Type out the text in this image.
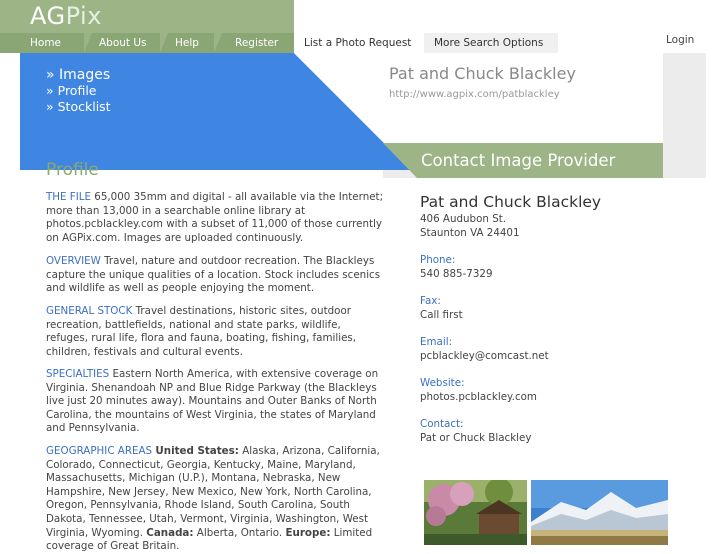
AGPix
Home	About Us	Help	Register List a Photo Request More Search Options	Login
» Images
» Profile
» Stocklist
Pat and Chuck Blackley
http://www.agpix.com/patblackley
Contact Image Provider
Profile
THE FILE 65,000 35mm and digital - all available via the Internet; more than 13,000 in a searchable online library at photos.pcblackley.com with a subset of 11,000 of those currently on AGPix.com. Images are uploaded continuously.
OVERVIEW Travel, nature and outdoor recreation. The Blackleys capture the unique qualities of a location. Stock includes scenics and wildlife as well as people enjoying the moment.
GENERAL STOCK Travel destinations, historic sites, outdoor recreation, battlefields, national and state parks, wildlife, refuges, rural life, flora and fauna, boating, fishing, families, children, festivals and cultural events.
SPECIALTIES Eastern North America, with extensive coverage on Virginia. Shenandoah NP and Blue Ridge Parkway (the Blackleys live just 20 minutes away). Mountains and Outer Banks of North Carolina, the mountains of West Virginia, the states of Maryland and Pennsylvania.
GEOGRAPHIC AREAS United States: Alaska, Arizona, California, Colorado, Connecticut, Georgia, Kentucky, Maine, Maryland, Massachusetts, Michigan (U.P.), Montana, Nebraska, New Hampshire, New Jersey, New Mexico, New York, North Carolina, Oregon, Pennsylvania, Rhode Island, South Carolina, South Dakota, Tennessee, Utah, Vermont, Virginia, Washington, West Virginia, Wyoming. Canada: Alberta, Ontario. Europe: Limited coverage of Great Britain.
Pat and Chuck Blackley
406 Audubon St.
Staunton VA 24401
Phone:
540 885-7329
Fax:
Call first
Email:
pcblackley@comcast.net
Website:
photos.pcblackley.com
Contact:
Pat or Chuck Blackley
